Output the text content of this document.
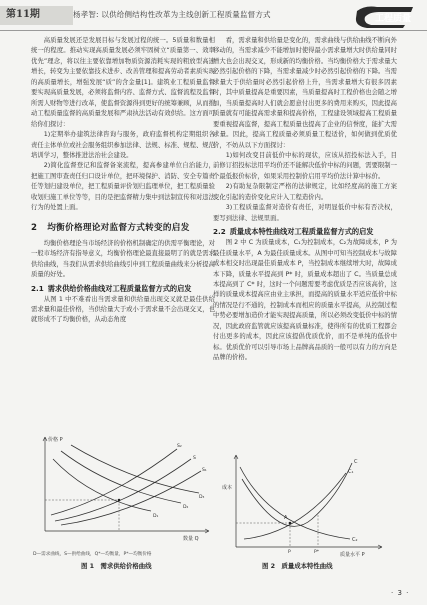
第11期	杨孝智: 以供给侧结构性改革为主线创新工程质量监督方式	工程质量

高质量发展还是发展目标与发展过程的统一。5质量和数量相统一的程度。推动实现高质量发展必须牢固树立“质量第一、效率优先”理念，将以往主要依靠增加物质资源消耗实现的粗放型高速增长，转变为主要依靠技术进步、改善管理和提高劳动者素质实现的高质量增长，增强发展“质”的含金量[1]。建筑业工程质量监督要实现高质量发展，必须将监督内容、监督方式、监督流程及监督所需人财物等进行改革，使监督资源得到更好的统筹兼顾，从而推动工程质量监督的高质量发展和严肃执法活动有效供给。这方面可给你们探讨：

1)定期举办建筑法律咨询与服务，政府监督机构定期组织各责任主体单位或社会服务组织参加法律、法规、标准、规程、规范培训学习，整体推进法治社会建设。

2)简化监督登记和监督备案流程，提高参建单位自治能力，把施工图审查责任归口设计单位，把环境保护、消防、安全专篇责任等划归建设单位，把工程质量评价划归监理单位，把工程质量验收划归施工单位等等，目的是把监督精力集中到法制宣传和对违法行为的处置上面。

2 均衡价格理论对监督方式转变的启发

均衡价格理论当市场经济的价格机制确定的供需平衡理论，对一般市场经济有指导意义，均衡价格理论最直接最明了的就是需求供给曲线，当我们从需求供给曲线引申到工程质量曲线来分析提高质量的好处。

2.1 需求供给价格曲线对工程质量监督方式的启发

从图 1 中不难看出当需求量和供给量出现交叉就是最佳供给需求量和最佳价格，当供给量大于或小于需求量不会出现交叉，也就形成不了均衡价格，从动态角度

价格 P
数量 Q
D₁
D₂
D₃
S
S₁
S₂
D—需求曲线，S—供给曲线，Q*—均衡量，P*—均衡价格
图 1　需求供给价格曲线

看，需求量和供给量是变化的，需求曲线与供给曲线不断向外移动的，当需求减少不能增加时使得最小需求量增大时供给量同时增大也会出现交叉，形成新的均衡价格。当均衡价格大于需求量大必然引起价格的下降，当需求量减少时必然引起价格的下降。当需求量大于供给量时必然引起价格上升，当需求量增大有很多因素时，其中质量提高是重要因素，当质量提高时工程价格也会随之增加，当质量提高时人们就会愿意付出更多的费用来购买，因此提高质量就有可能提高需求量和提高价格，工程建设领域提高工程质量要重视提高监督，提高工程质量也提高了企业的信誉度，能扩大需求量。因此，提高工程质量必须质量工程适价，如何做到优质优价，不妨从以下方面探讨：

1)如何改变目前低价中标的现状，应该从招投标法入手，目前修订招投标法用平均价还不能解决低价中标的问题，需要限制一个最低报价标价，如果采用控制价启用平均价法计算中标价。

2)有助复杂限制定严格的法律规定，比如经度高的施工方案变化引起的造价变化应计入工程造价内。

3)工程质量监督对造价有责任，对明显低价中标有否决权，要写到法律、法规里面。

2.2 质量成本特性曲线对工程质量监督方式的启发

图 2 中 C 为质量成本，C₁为控制成本，C₂为故障成本，P 为最佳质量水平，A 为最佳质量成本。从图中可知当控制成本与故障成本相交时出现最佳质量成本 P，当控制成本继续增大时，故障成本下降，质量水平提高到 P* 时，质量成本超出了 C。当质量总成本提高到了 C* 时，这时一个问题需要考虑优质是否应该高价，这样的质量成本提高应由业主承担，而提高的质量水平适应低价中标的情况是行不通的，控制成本而相应的质量水平提高，从控制过程中势必要增加造价才能实现提高质量，所以必须改变低价中标的情况，因此政府监管就应该提高质量标准，使得所有的优质工程都会付出更多的成本，因此应该提倡优质优价，而不是单纯的低价中标。优质优价可以引导市场上品牌高品质的一般可以有力的方向是品牌的价格。

成本
质量水平 P
A
C
C₁
C₂
P	P*
图 2　质量成本特性曲线
· 3 ·
